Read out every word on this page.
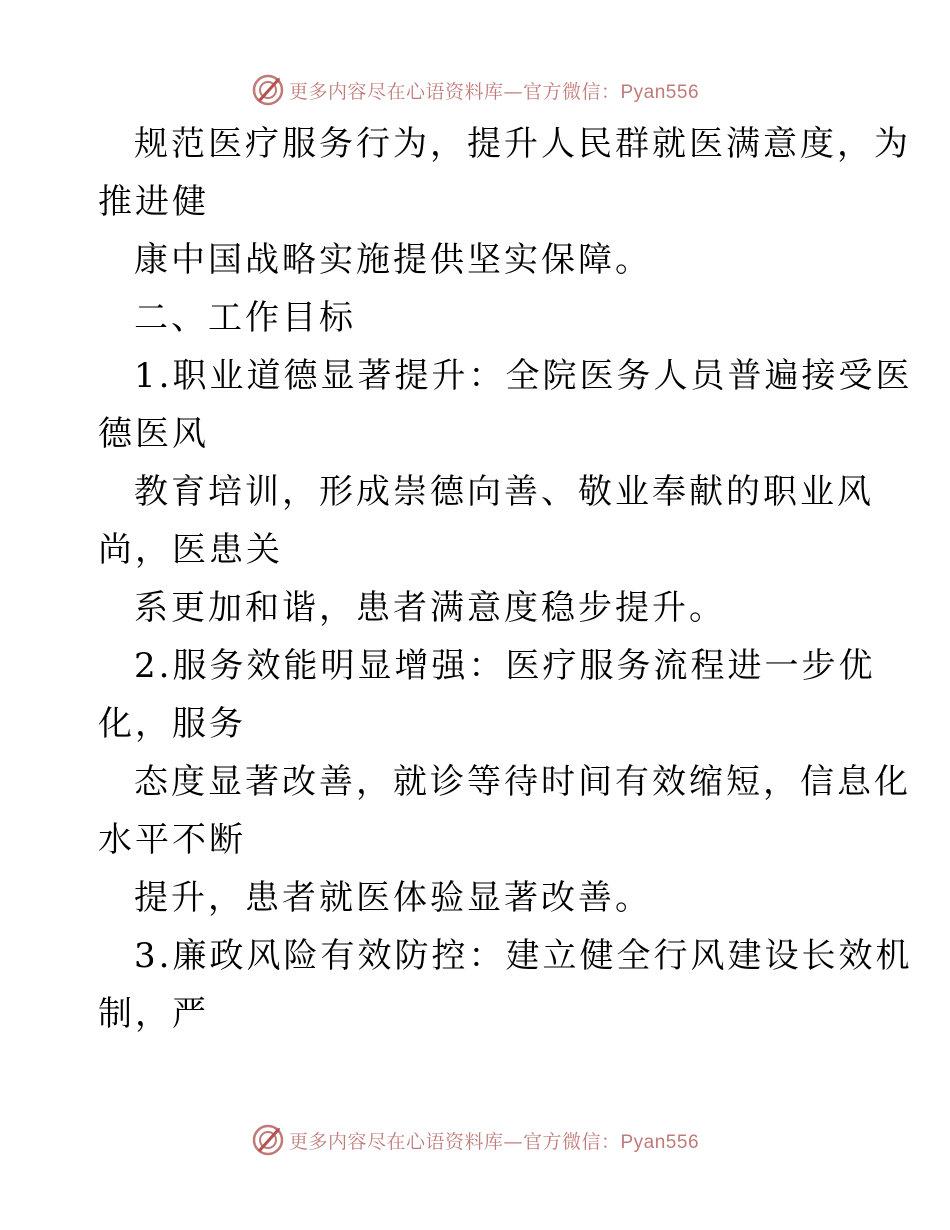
更多内容尽在心语资料库—官方微信：Pyan556

规范医疗服务行为，提升人民群就医满意度，为

推进健

康中国战略实施提供坚实保障。

二、工作目标

1.职业道德显著提升：全院医务人员普遍接受医

德医风

教育培训，形成崇德向善、敬业奉献的职业风

尚，医患关

系更加和谐，患者满意度稳步提升。

2.服务效能明显增强：医疗服务流程进一步优

化，服务

态度显著改善，就诊等待时间有效缩短，信息化

水平不断

提升，患者就医体验显著改善。

3.廉政风险有效防控：建立健全行风建设长效机

制，严

更多内容尽在心语资料库—官方微信：Pyan556
